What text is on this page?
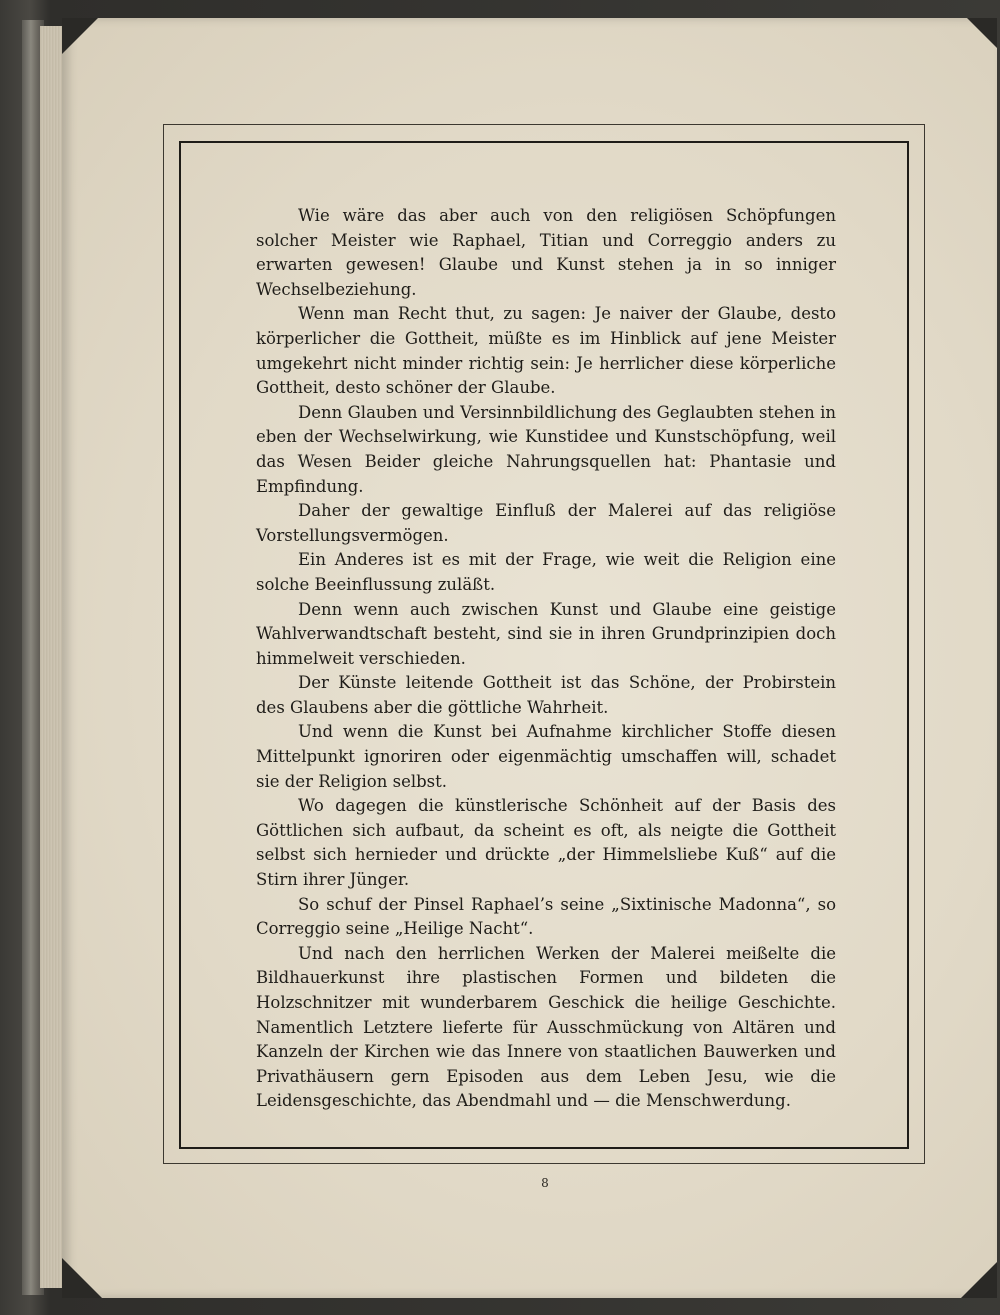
Wie wäre das aber auch von den religiösen Schöpfungen solcher Meister wie Raphael, Titian und Correggio anders zu erwarten gewesen! Glaube und Kunst stehen ja in so inniger Wechselbeziehung.

Wenn man Recht thut, zu sagen: Je naiver der Glaube, desto körperlicher die Gottheit, müßte es im Hinblick auf jene Meister umgekehrt nicht minder richtig sein: Je herrlicher diese körperliche Gottheit, desto schöner der Glaube.

Denn Glauben und Versinnbildlichung des Geglaubten stehen in eben der Wechselwirkung, wie Kunstidee und Kunstschöpfung, weil das Wesen Beider gleiche Nahrungsquellen hat: Phantasie und Empfindung.

Daher der gewaltige Einfluß der Malerei auf das religiöse Vorstellungsvermögen.

Ein Anderes ist es mit der Frage, wie weit die Religion eine solche Beeinflussung zuläßt.

Denn wenn auch zwischen Kunst und Glaube eine geistige Wahlverwandtschaft besteht, sind sie in ihren Grundprinzipien doch himmelweit verschieden.

Der Künste leitende Gottheit ist das Schöne, der Probirstein des Glaubens aber die göttliche Wahrheit.

Und wenn die Kunst bei Aufnahme kirchlicher Stoffe diesen Mittelpunkt ignoriren oder eigenmächtig umschaffen will, schadet sie der Religion selbst.

Wo dagegen die künstlerische Schönheit auf der Basis des Göttlichen sich aufbaut, da scheint es oft, als neigte die Gottheit selbst sich hernieder und drückte „der Himmelsliebe Kuß“ auf die Stirn ihrer Jünger.

So schuf der Pinsel Raphael’s seine „Sixtinische Madonna“, so Correggio seine „Heilige Nacht“.

Und nach den herrlichen Werken der Malerei meißelte die Bildhauerkunst ihre plastischen Formen und bildeten die Holzschnitzer mit wunderbarem Geschick die heilige Geschichte. Namentlich Letztere lieferte für Ausschmückung von Altären und Kanzeln der Kirchen wie das Innere von staatlichen Bauwerken und Privathäusern gern Episoden aus dem Leben Jesu, wie die Leidensgeschichte, das Abendmahl und — die Menschwerdung.

8
